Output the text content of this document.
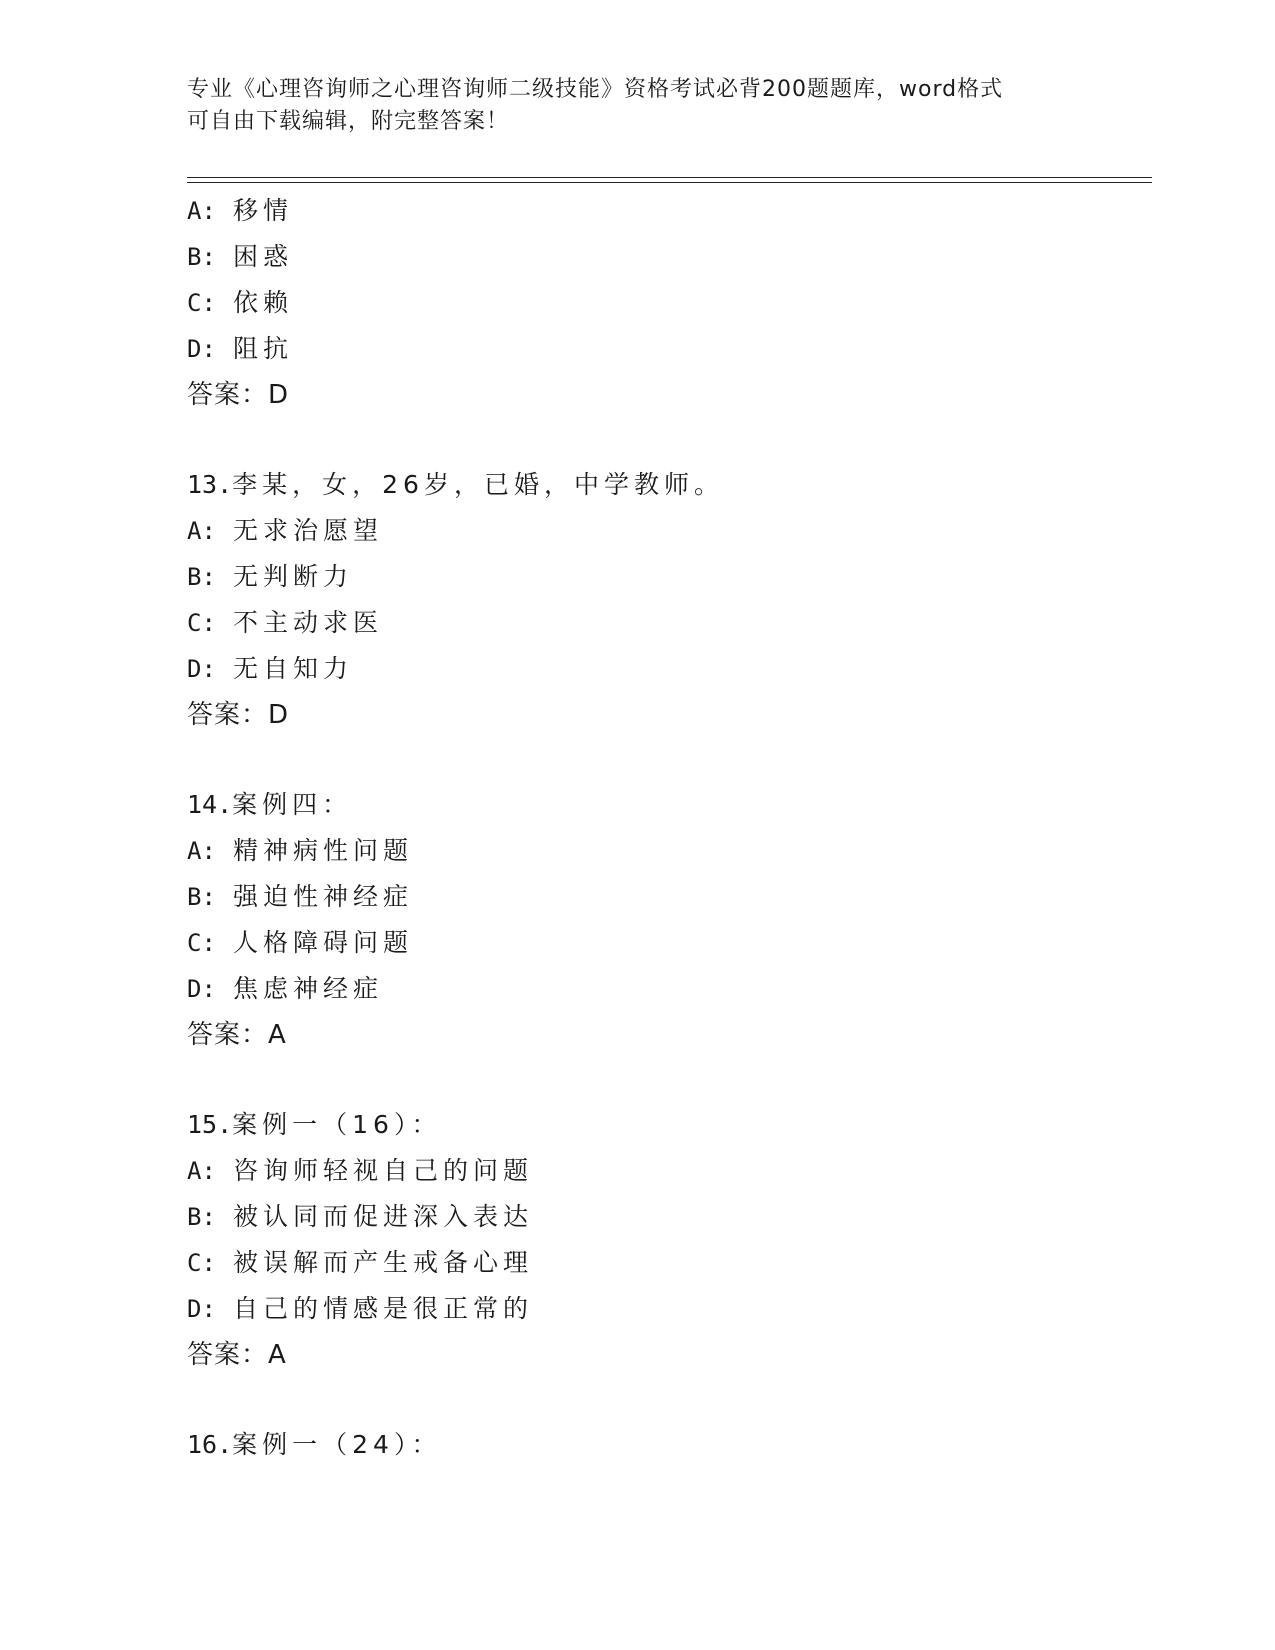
专业《心理咨询师之心理咨询师二级技能》资格考试必背200题题库，word格式
可自由下载编辑，附完整答案！
A: 移情
B: 困惑
C: 依赖
D: 阻抗
答案：D
13.李某，女，26岁，已婚，中学教师。
A: 无求治愿望
B: 无判断力
C: 不主动求医
D: 无自知力
答案：D
14.案例四：
A: 精神病性问题
B: 强迫性神经症
C: 人格障碍问题
D: 焦虑神经症
答案：A
15.案例一（16）：
A: 咨询师轻视自己的问题
B: 被认同而促进深入表达
C: 被误解而产生戒备心理
D: 自己的情感是很正常的
答案：A
16.案例一（24）：
